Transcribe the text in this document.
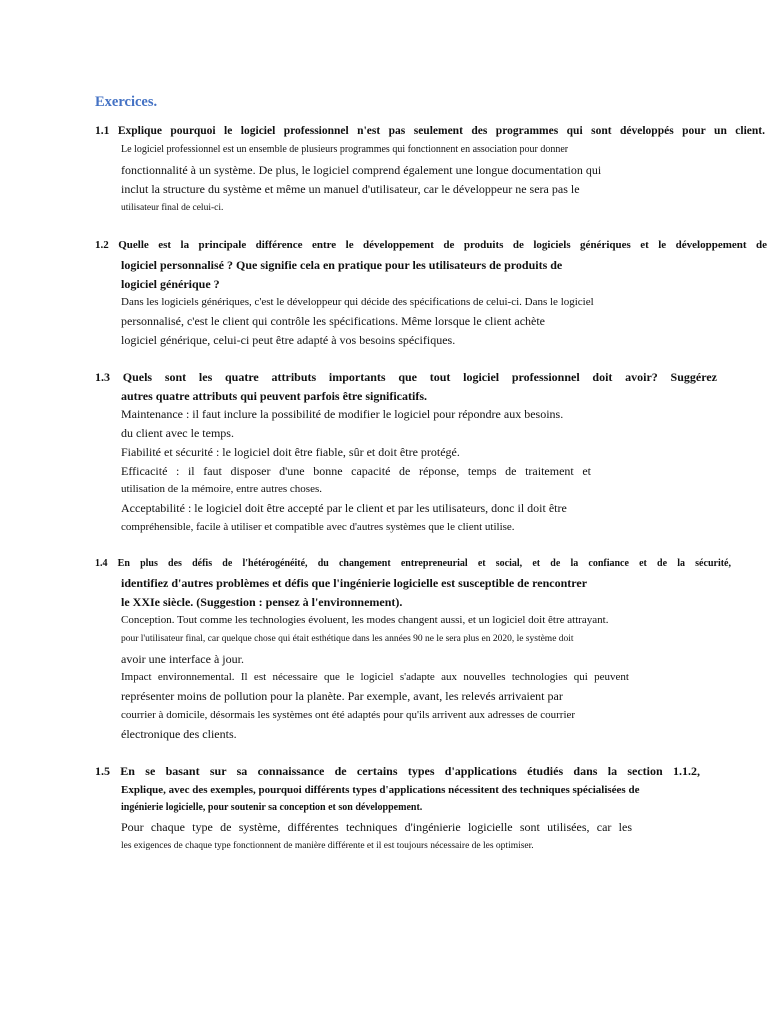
Exercices.
1.1 Explique pourquoi le logiciel professionnel n'est pas seulement des programmes qui sont développés pour un client.
Le logiciel professionnel est un ensemble de plusieurs programmes qui fonctionnent en association pour donner
fonctionnalité à un système. De plus, le logiciel comprend également une longue documentation qui
inclut la structure du système et même un manuel d'utilisateur, car le développeur ne sera pas le
utilisateur final de celui-ci.
1.2 Quelle est la principale différence entre le développement de produits de logiciels génériques et le développement de
logiciel personnalisé ? Que signifie cela en pratique pour les utilisateurs de produits de
logiciel générique ?
Dans les logiciels génériques, c'est le développeur qui décide des spécifications de celui-ci. Dans le logiciel
personnalisé, c'est le client qui contrôle les spécifications. Même lorsque le client achète
logiciel générique, celui-ci peut être adapté à vos besoins spécifiques.
1.3 Quels sont les quatre attributs importants que tout logiciel professionnel doit avoir? Suggérez
autres quatre attributs qui peuvent parfois être significatifs.
Maintenance : il faut inclure la possibilité de modifier le logiciel pour répondre aux besoins.
du client avec le temps.
Fiabilité et sécurité : le logiciel doit être fiable, sûr et doit être protégé.
Efficacité : il faut disposer d'une bonne capacité de réponse, temps de traitement et
utilisation de la mémoire, entre autres choses.
Acceptabilité : le logiciel doit être accepté par le client et par les utilisateurs, donc il doit être
compréhensible, facile à utiliser et compatible avec d'autres systèmes que le client utilise.
1.4 En plus des défis de l'hétérogénéité, du changement entrepreneurial et social, et de la confiance et de la sécurité,
identifiez d'autres problèmes et défis que l'ingénierie logicielle est susceptible de rencontrer
le XXIe siècle. (Suggestion : pensez à l'environnement).
Conception. Tout comme les technologies évoluent, les modes changent aussi, et un logiciel doit être attrayant.
pour l'utilisateur final, car quelque chose qui était esthétique dans les années 90 ne le sera plus en 2020, le système doit
avoir une interface à jour.
Impact environnemental. Il est nécessaire que le logiciel s'adapte aux nouvelles technologies qui peuvent
représenter moins de pollution pour la planète. Par exemple, avant, les relevés arrivaient par
courrier à domicile, désormais les systèmes ont été adaptés pour qu'ils arrivent aux adresses de courrier
électronique des clients.
1.5 En se basant sur sa connaissance de certains types d'applications étudiés dans la section 1.1.2,
Explique, avec des exemples, pourquoi différents types d'applications nécessitent des techniques spécialisées de
ingénierie logicielle, pour soutenir sa conception et son développement.
Pour chaque type de système, différentes techniques d'ingénierie logicielle sont utilisées, car les
les exigences de chaque type fonctionnent de manière différente et il est toujours nécessaire de les optimiser.
